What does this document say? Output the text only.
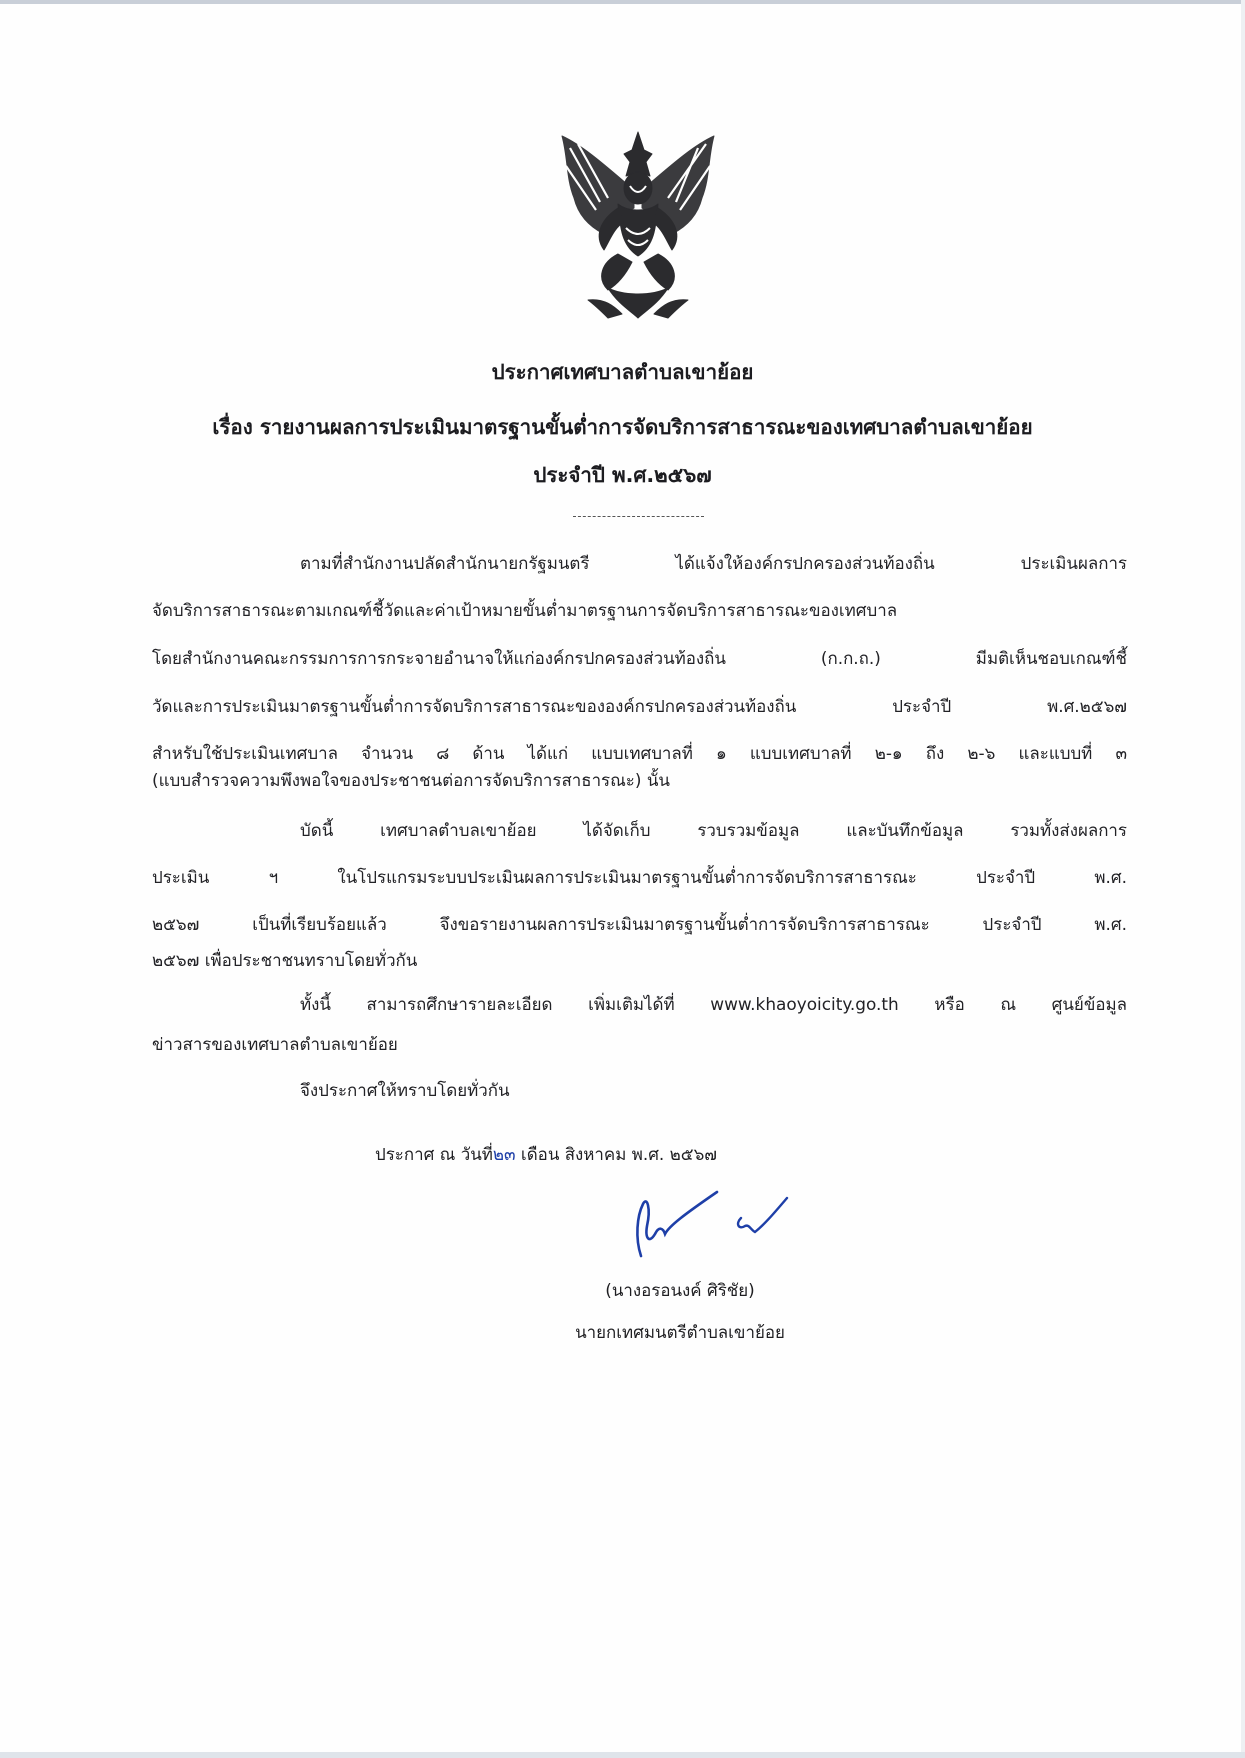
ประกาศเทศบาลตำบลเขาย้อย
เรื่อง รายงานผลการประเมินมาตรฐานขั้นต่ำการจัดบริการสาธารณะของเทศบาลตำบลเขาย้อย
ประจำปี พ.ศ.๒๕๖๗
ตามที่สำนักงานปลัดสำนักนายกรัฐมนตรี ได้แจ้งให้องค์กรปกครองส่วนท้องถิ่น ประเมินผลการ
จัดบริการสาธารณะตามเกณฑ์ชี้วัดและค่าเป้าหมายขั้นต่ำมาตรฐานการจัดบริการสาธารณะของเทศบาล
โดยสำนักงานคณะกรรมการการกระจายอำนาจให้แก่องค์กรปกครองส่วนท้องถิ่น (ก.ก.ถ.) มีมติเห็นชอบเกณฑ์ชี้
วัดและการประเมินมาตรฐานขั้นต่ำการจัดบริการสาธารณะขององค์กรปกครองส่วนท้องถิ่น ประจำปี พ.ศ.๒๕๖๗
สำหรับใช้ประเมินเทศบาล จำนวน ๘ ด้าน ได้แก่ แบบเทศบาลที่ ๑ แบบเทศบาลที่ ๒-๑ ถึง ๒-๖ และแบบที่ ๓
(แบบสำรวจความพึงพอใจของประชาชนต่อการจัดบริการสาธารณะ) นั้น
บัดนี้ เทศบาลตำบลเขาย้อย ได้จัดเก็บ รวบรวมข้อมูล และบันทึกข้อมูล รวมทั้งส่งผลการ
ประเมิน ฯ ในโปรแกรมระบบประเมินผลการประเมินมาตรฐานขั้นต่ำการจัดบริการสาธารณะ ประจำปี พ.ศ.
๒๕๖๗ เป็นที่เรียบร้อยแล้ว จึงขอรายงานผลการประเมินมาตรฐานขั้นต่ำการจัดบริการสาธารณะ ประจำปี พ.ศ.
๒๕๖๗ เพื่อประชาชนทราบโดยทั่วกัน
ทั้งนี้ สามารถศึกษารายละเอียด เพิ่มเติมได้ที่ www.khaoyoicity.go.th หรือ ณ ศูนย์ข้อมูล
ข่าวสารของเทศบาลตำบลเขาย้อย
จึงประกาศให้ทราบโดยทั่วกัน
ประกาศ ณ วันที่๒๓ เดือน สิงหาคม พ.ศ. ๒๕๖๗
(นางอรอนงค์ ศิริชัย)
นายกเทศมนตรีตำบลเขาย้อย
